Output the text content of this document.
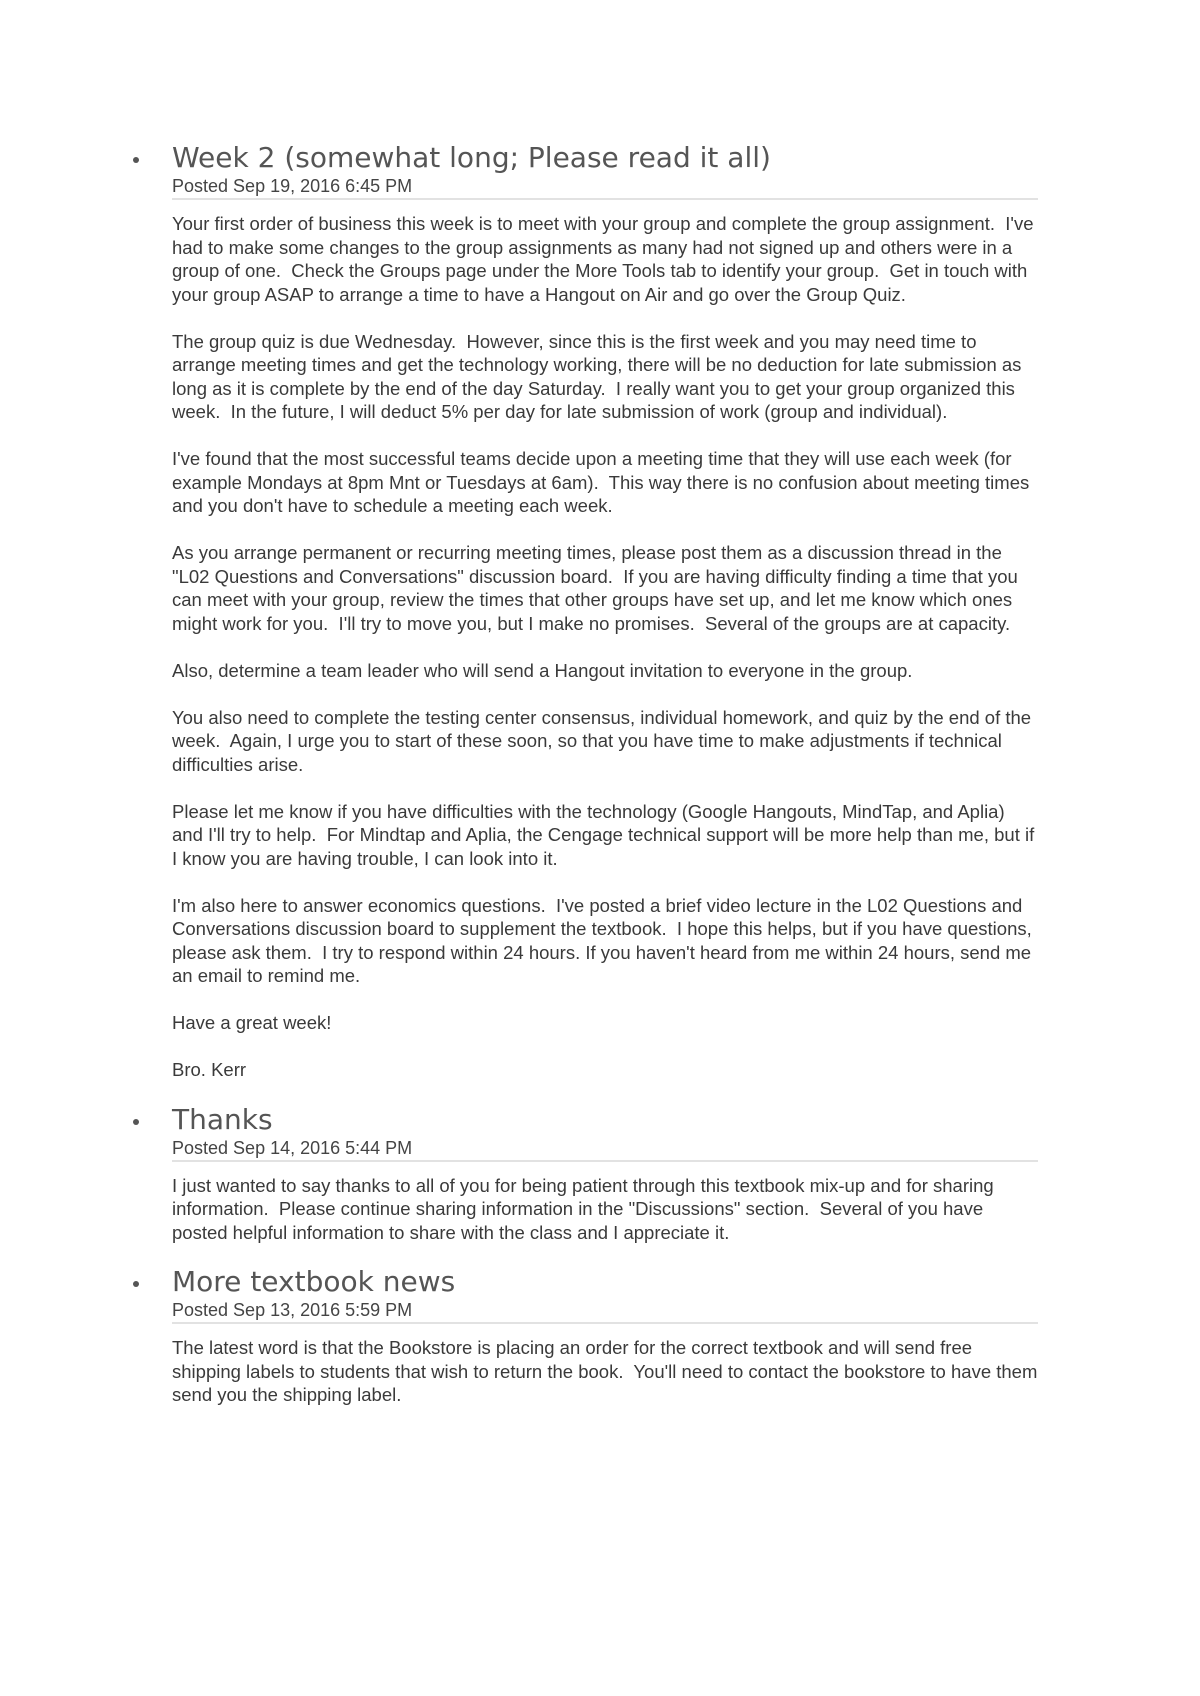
Week 2 (somewhat long; Please read it all)
Posted Sep 19, 2016 6:45 PM

Your first order of business this week is to meet with your group and complete the group assignment.  I've had to make some changes to the group assignments as many had not signed up and others were in a group of one.  Check the Groups page under the More Tools tab to identify your group.  Get in touch with your group ASAP to arrange a time to have a Hangout on Air and go over the Group Quiz.

The group quiz is due Wednesday.  However, since this is the first week and you may need time to arrange meeting times and get the technology working, there will be no deduction for late submission as long as it is complete by the end of the day Saturday.  I really want you to get your group organized this week.  In the future, I will deduct 5% per day for late submission of work (group and individual).

I've found that the most successful teams decide upon a meeting time that they will use each week (for example Mondays at 8pm Mnt or Tuesdays at 6am).  This way there is no confusion about meeting times and you don't have to schedule a meeting each week.

As you arrange permanent or recurring meeting times, please post them as a discussion thread in the "L02 Questions and Conversations" discussion board.  If you are having difficulty finding a time that you can meet with your group, review the times that other groups have set up, and let me know which ones might work for you.  I'll try to move you, but I make no promises.  Several of the groups are at capacity.

Also, determine a team leader who will send a Hangout invitation to everyone in the group.

You also need to complete the testing center consensus, individual homework, and quiz by the end of the week.  Again, I urge you to start of these soon, so that you have time to make adjustments if technical difficulties arise.

Please let me know if you have difficulties with the technology (Google Hangouts, MindTap, and Aplia) and I'll try to help.  For Mindtap and Aplia, the Cengage technical support will be more help than me, but if I know you are having trouble, I can look into it.

I'm also here to answer economics questions.  I've posted a brief video lecture in the L02 Questions and Conversations discussion board to supplement the textbook.  I hope this helps, but if you have questions, please ask them.  I try to respond within 24 hours. If you haven't heard from me within 24 hours, send me an email to remind me.

Have a great week!

Bro. Kerr

Thanks
Posted Sep 14, 2016 5:44 PM

I just wanted to say thanks to all of you for being patient through this textbook mix-up and for sharing information.  Please continue sharing information in the "Discussions" section.  Several of you have posted helpful information to share with the class and I appreciate it.

More textbook news
Posted Sep 13, 2016 5:59 PM

The latest word is that the Bookstore is placing an order for the correct textbook and will send free shipping labels to students that wish to return the book.  You'll need to contact the bookstore to have them send you the shipping label.
